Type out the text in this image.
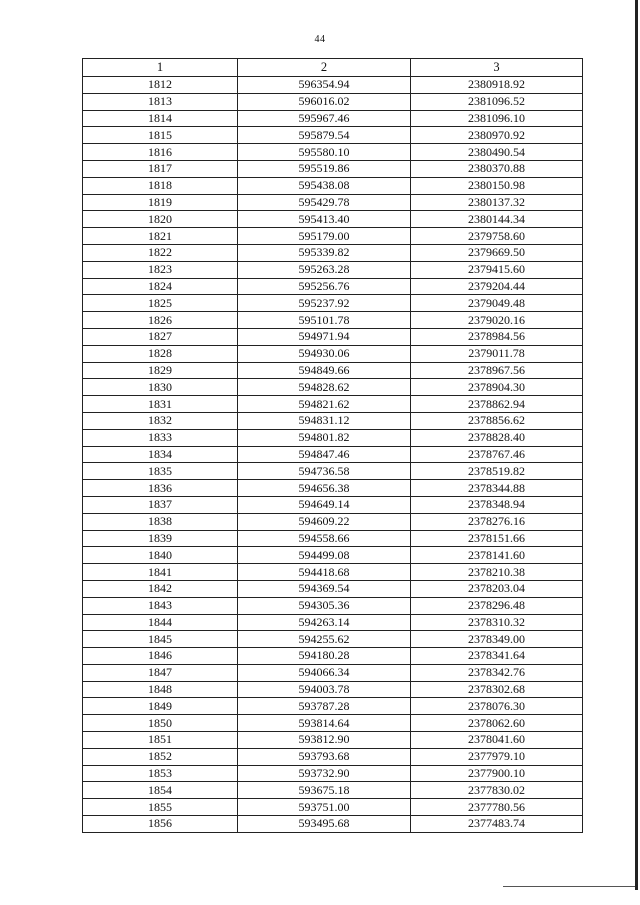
44
1	2	3
1812	596354.94	2380918.92
1813	596016.02	2381096.52
1814	595967.46	2381096.10
1815	595879.54	2380970.92
1816	595580.10	2380490.54
1817	595519.86	2380370.88
1818	595438.08	2380150.98
1819	595429.78	2380137.32
1820	595413.40	2380144.34
1821	595179.00	2379758.60
1822	595339.82	2379669.50
1823	595263.28	2379415.60
1824	595256.76	2379204.44
1825	595237.92	2379049.48
1826	595101.78	2379020.16
1827	594971.94	2378984.56
1828	594930.06	2379011.78
1829	594849.66	2378967.56
1830	594828.62	2378904.30
1831	594821.62	2378862.94
1832	594831.12	2378856.62
1833	594801.82	2378828.40
1834	594847.46	2378767.46
1835	594736.58	2378519.82
1836	594656.38	2378344.88
1837	594649.14	2378348.94
1838	594609.22	2378276.16
1839	594558.66	2378151.66
1840	594499.08	2378141.60
1841	594418.68	2378210.38
1842	594369.54	2378203.04
1843	594305.36	2378296.48
1844	594263.14	2378310.32
1845	594255.62	2378349.00
1846	594180.28	2378341.64
1847	594066.34	2378342.76
1848	594003.78	2378302.68
1849	593787.28	2378076.30
1850	593814.64	2378062.60
1851	593812.90	2378041.60
1852	593793.68	2377979.10
1853	593732.90	2377900.10
1854	593675.18	2377830.02
1855	593751.00	2377780.56
1856	593495.68	2377483.74
